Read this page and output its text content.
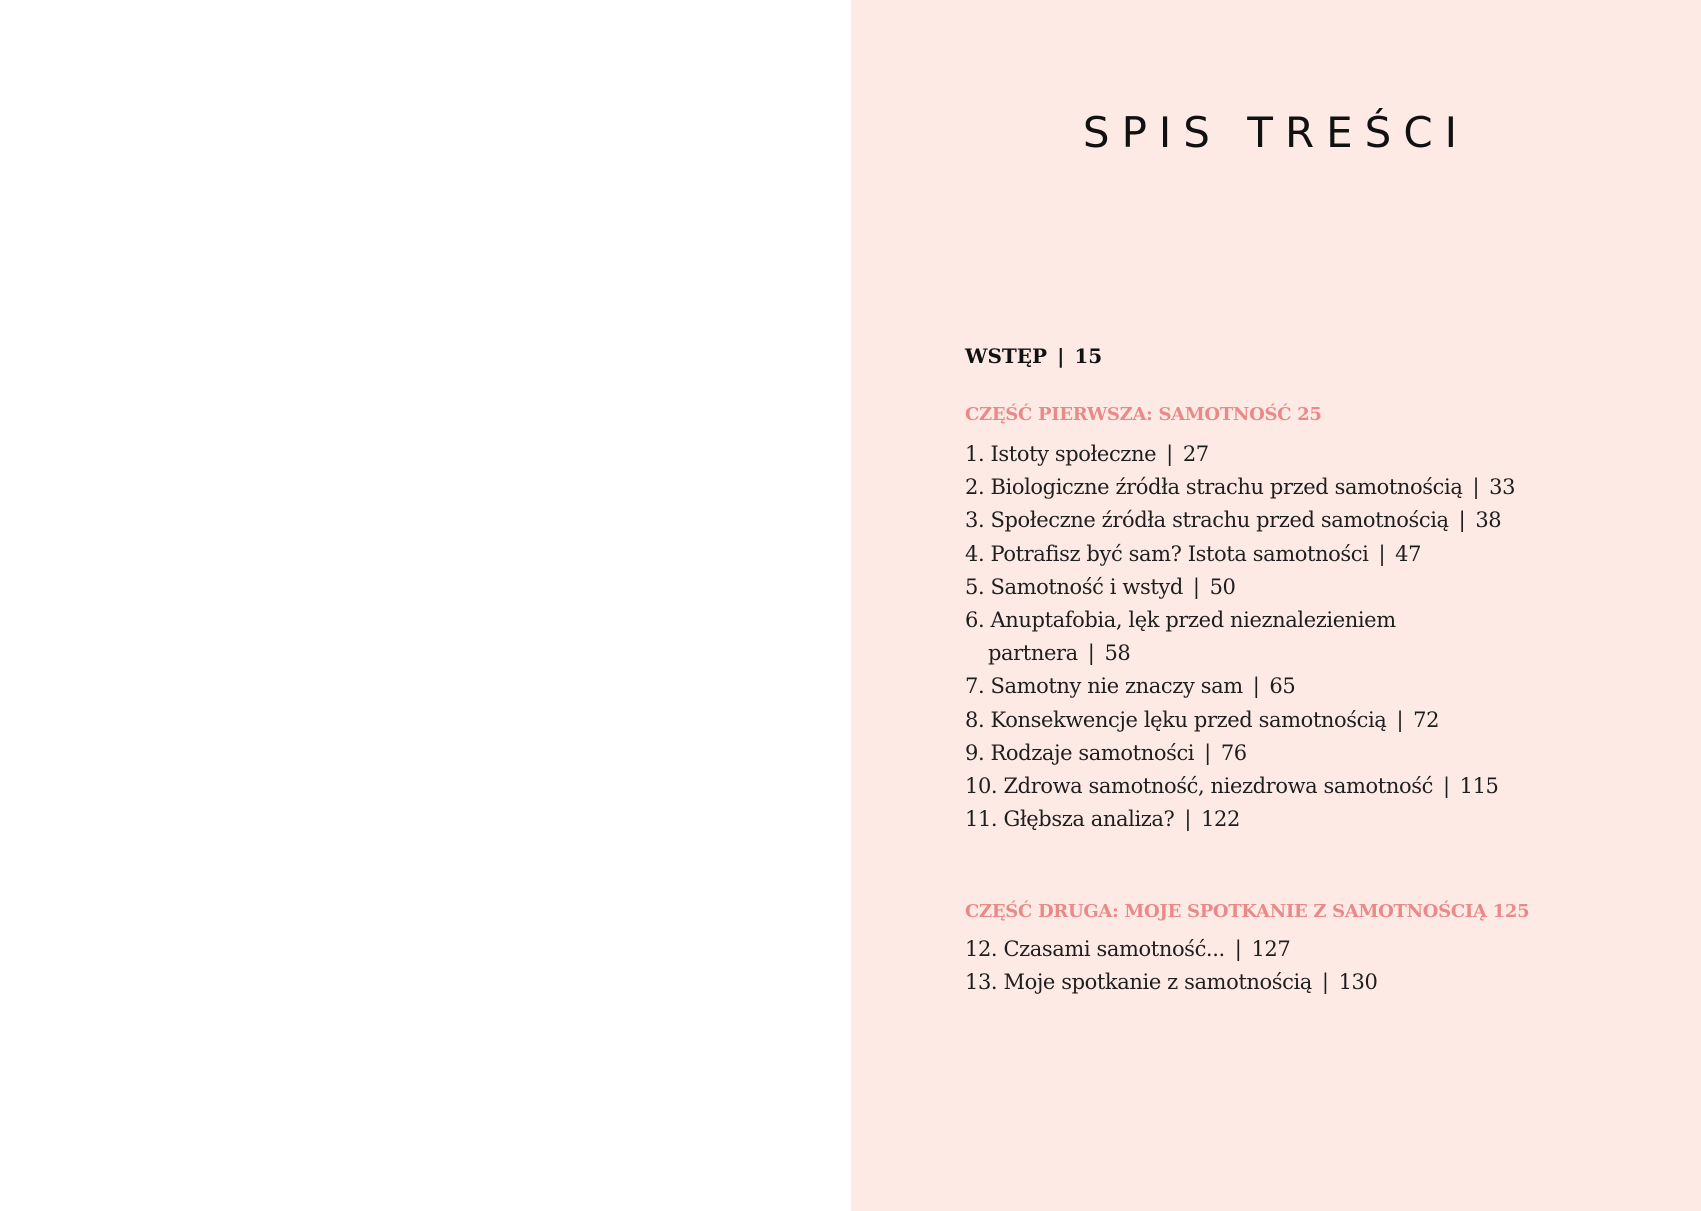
SPIS TREŚCI
WSTĘP | 15
CZĘŚĆ PIERWSZA: SAMOTNOŚĆ 25
1. Istoty społeczne | 27
2. Biologiczne źródła strachu przed samotnością | 33
3. Społeczne źródła strachu przed samotnością | 38
4. Potrafisz być sam? Istota samotności | 47
5. Samotność i wstyd | 50
6. Anuptafobia, lęk przed nieznalezieniem
partnera | 58
7. Samotny nie znaczy sam | 65
8. Konsekwencje lęku przed samotnością | 72
9. Rodzaje samotności | 76
10. Zdrowa samotność, niezdrowa samotność | 115
11. Głębsza analiza? | 122
CZĘŚĆ DRUGA: MOJE SPOTKANIE Z SAMOTNOŚCIĄ 125
12. Czasami samotność... | 127
13. Moje spotkanie z samotnością | 130
